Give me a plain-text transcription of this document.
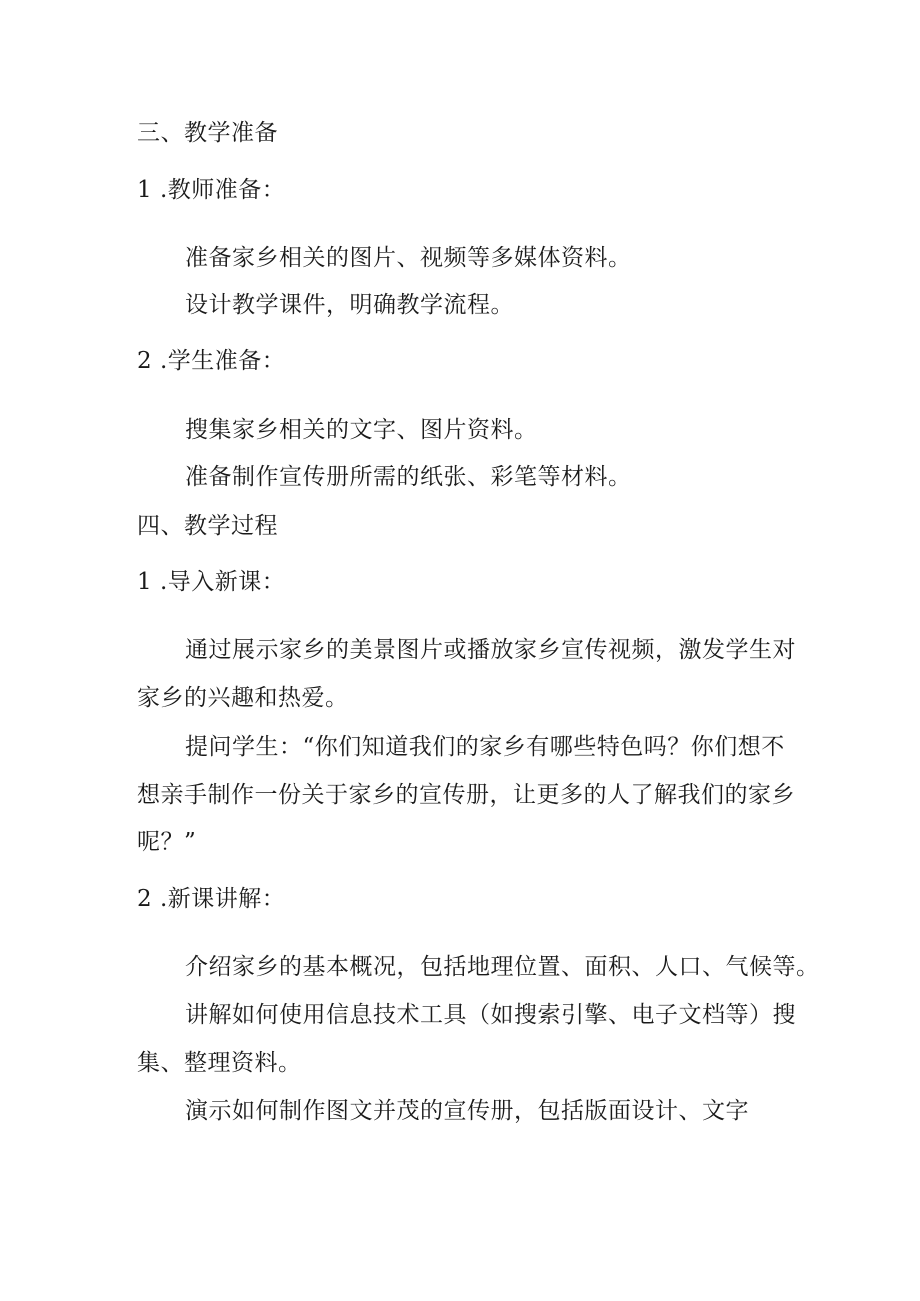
三、教学准备
1 .教师准备：
准备家乡相关的图片、视频等多媒体资料。
设计教学课件，明确教学流程。
2 .学生准备：
搜集家乡相关的文字、图片资料。
准备制作宣传册所需的纸张、彩笔等材料。
四、教学过程
1 .导入新课：
通过展示家乡的美景图片或播放家乡宣传视频，激发学生对
家乡的兴趣和热爱。
提问学生：“你们知道我们的家乡有哪些特色吗？你们想不
想亲手制作一份关于家乡的宣传册，让更多的人了解我们的家乡
呢？”
2 .新课讲解：
介绍家乡的基本概况，包括地理位置、面积、人口、气候等。
讲解如何使用信息技术工具（如搜索引擎、电子文档等）搜
集、整理资料。
演示如何制作图文并茂的宣传册，包括版面设计、文字
